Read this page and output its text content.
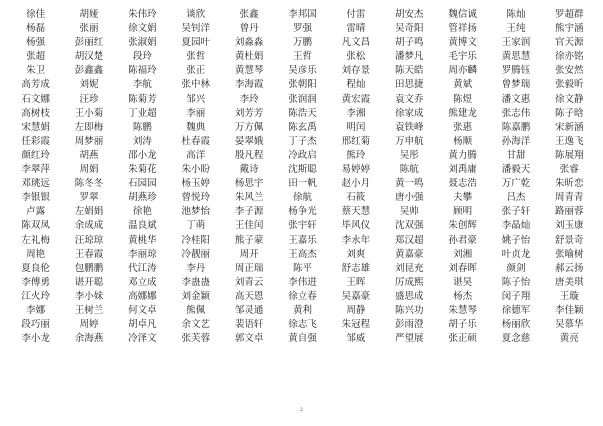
徐佳	胡娅	朱伟玲	谈欣	张鑫	李邦国	付雷	胡安杰	魏信诚	陈灿	罗超群
杨磊	张丽	徐文娟	吴钊洋	曾丹	罗强	雷晴	吴奇阳	管祥扬	王纯	熊宇涵
杨强	彭丽红	张淑娟	夏园叶	刘淼淼	万鹏	凡文昌	胡子鸣	黄博文	王家润	官天源
张超	胡汉楚	段玲	张哲	黄杜娟	王哲	张松	潘梦凡	毛宇乐	黄思慧	徐亦铭
朱卫	彭鑫鑫	陈福玲	张正	黄慧琴	吴彦乐	刘存景	陈天皓	周亦麟	罗腾钰	张安然
高芳成	刘妮	李航	张中林	李海霞	张朝阳	程灿	田思捷	黄斌	曾梦瑞	张毅昕
石文娜	汪珍	陈菊芳	邹兴	李玲	张润润	黄宏霞	袁文乔	陈煜	潘文惠	徐文静
高树枝	王小菊	丁业超	李丽	刘芳芳	陈浩天	李湘	徐家成	熊建龙	张志伟	陈子晗
宋慧娟	左即梅	陈鹏	魏典	万方佩	陈玄禹	明闰	袁铁峰	张惠	陈嘉鹏	宋新涵
任彩霞	周梦丽	刘涛	杜春霞	晏翠娥	丁子杰	邢红菊	万申航	杨顺	孙海洋	王逸飞
颜红玲	胡燕	邵小龙	高洋	殷凡程	冷政启	熊玲	吴彤	黄力腾	甘甜	陈展翔
李翠萍	周娟	朱菊花	朱小盼	戴诗	沈斯聪	易婷婷	陈航	刘禹庸	潘毅天	张睿
邓珧远	陈冬冬	石园园	杨玉婷	杨思宇	田一帆	赵小月	黄一鸣	聂志浩	万广乾	朱昕恋
李银银	罗翠	胡燕珍	曾悦玲	朱风兰	徐航	石筱	唐小强	夫攀	吕杰	周青青
卢露	左娟娟	徐艳	池梦怡	李子源	杨争光	蔡天慧	吴帅	顾明	张子轩	路丽蓉
陈双凤	余成成	温良斌	丁萌	王佳闰	张宇轩	毕风仪	沈双强	朱创辉	李晶灿	刘玉康
左礼梅	汪琼琼	黄桃华	冷桂阳	熊子蒙	王嘉乐	李永年	郑汉超	孙君豪	姚子怡	舒景奇
周艳	王春霞	李丽琼	冷靓丽	周开	王高杰	刘爽	黄嘉豪	刘湘	叶贞龙	张喻树
夏良伦	包鹏鹏	代江涛	李丹	周正瑞	陈平	舒志雄	刘昆充	刘春晖	颜剑	郝云扬
李傅勇	谌开聪	邓立成	李蛊蛊	刘青云	李伟进	王晖	厉成熙	谌昊	陈子怡	唐美琪
江火玲	李小妹	高娜娜	刘金颖	高天恩	徐立春	吴嘉豪	盛思成	杨杰	闵子翔	王璇
李娜	王树兰	何文卓	熊佩	邹灵通	黄利	周静	陈兴功	朱慧琴	徐德军	李佳颖
段巧丽	周婷	胡卓凡	余文艺	裴语轩	徐志飞	朱冠程	彭雨澄	胡子乐	杨丽欣	吴慕华
李小龙	余海燕	冷泽文	张芙蓉	郭文卓	黄自强	邹威	严望展	张正硕	夏念慈	黄亮
2
